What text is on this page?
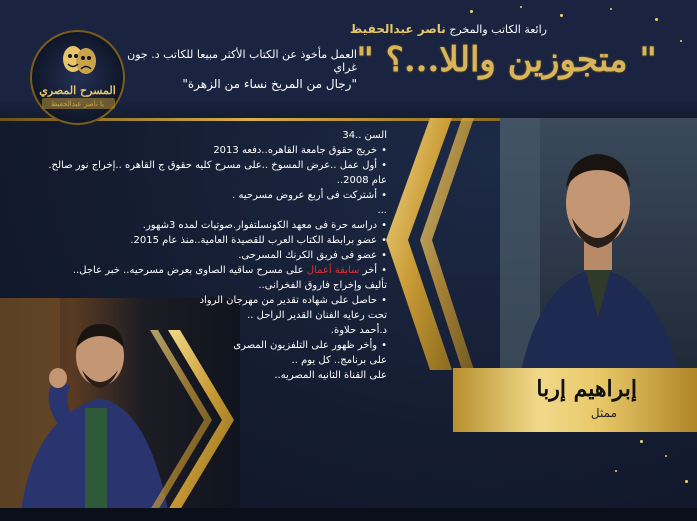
المسرح المصري
يا ناصر عبدالحفيظ
العمل مأخوذ عن الكتاب الأكثر مبيعا للكاتب د. جون غراي
"رجال من المريخ نساء من الزهرة"
رائعة الكاتب والمخرج ناصر عبدالحفيظ
" متجوزين واللا...؟ "
السن ..34
• خريج حقوق جامعة القاهره..دفعه 2013
• أول عمل ..عرض المسوخ ..على مسرح كليه حقوق ج القاهره ..إخراج نور صالح.
عام 2008..
• أشتركت فى أربع عروض مسرحيه .
...
• دراسه حرة فى معهد الكونسلتفوار.صوتيات لمده 3شهور.
• عضو برابطة الكتاب العرب للقصيدة العامية..منذ عام 2015.
• عضو فى فريق الكرنك المسرحى.
• أخر سابقة أعمال على مسرح ساقيه الصاوى بعرض مسرحيه.. خبر عاجل..
تأليف وإخراج فاروق الفخرانى..
• حاصل على شهاده تقدير من مهرجان الرواد
تحت رعايه الفنان القدير الراحل ..
د.أحمد حلاوة.
• وأخر ظهور على التلفزيون المصرى
على برنامج.. كل يوم ..
على القناة الثانيه المصريه..
إبراهيم إربا
ممثل
